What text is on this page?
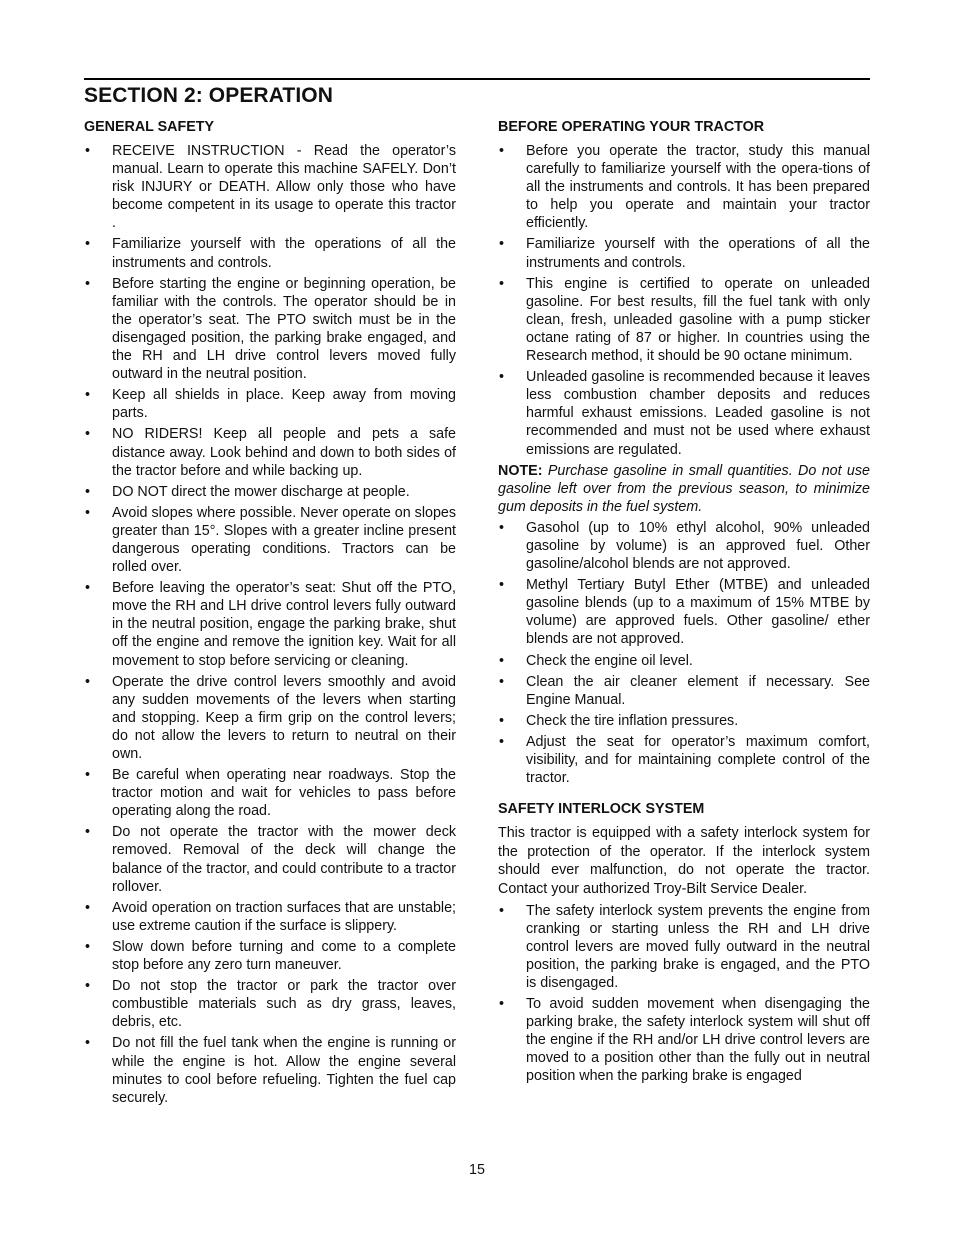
SECTION 2: OPERATION
GENERAL SAFETY
• RECEIVE INSTRUCTION - Read the operator’s manual. Learn to operate this machine SAFELY. Don’t risk INJURY or DEATH. Allow only those who have become competent in its usage to operate this tractor .
• Familiarize yourself with the operations of all the instruments and controls.
• Before starting the engine or beginning operation, be familiar with the controls. The operator should be in the operator’s seat. The PTO switch must be in the disengaged position, the parking brake engaged, and the RH and LH drive control levers moved fully outward in the neutral position.
• Keep all shields in place. Keep away from moving parts.
• NO RIDERS! Keep all people and pets a safe distance away. Look behind and down to both sides of the tractor before and while backing up.
• DO NOT direct the mower discharge at people.
• Avoid slopes where possible. Never operate on slopes greater than 15°. Slopes with a greater incline present dangerous operating conditions. Tractors can be rolled over.
• Before leaving the operator’s seat: Shut off the PTO, move the RH and LH drive control levers fully outward in the neutral position, engage the parking brake, shut off the engine and remove the ignition key. Wait for all movement to stop before servicing or cleaning.
• Operate the drive control levers smoothly and avoid any sudden movements of the levers when starting and stopping. Keep a firm grip on the control levers; do not allow the levers to return to neutral on their own.
• Be careful when operating near roadways. Stop the tractor motion and wait for vehicles to pass before operating along the road.
• Do not operate the tractor with the mower deck removed. Removal of the deck will change the balance of the tractor, and could contribute to a tractor rollover.
• Avoid operation on traction surfaces that are unstable; use extreme caution if the surface is slippery.
• Slow down before turning and come to a complete stop before any zero turn maneuver.
• Do not stop the tractor or park the tractor over combustible materials such as dry grass, leaves, debris, etc.
• Do not fill the fuel tank when the engine is running or while the engine is hot. Allow the engine several minutes to cool before refueling. Tighten the fuel cap securely.
BEFORE OPERATING YOUR TRACTOR
• Before you operate the tractor, study this manual carefully to familiarize yourself with the opera-tions of all the instruments and controls. It has been prepared to help you operate and maintain your tractor efficiently.
• Familiarize yourself with the operations of all the instruments and controls.
• This engine is certified to operate on unleaded gasoline. For best results, fill the fuel tank with only clean, fresh, unleaded gasoline with a pump sticker octane rating of 87 or higher. In countries using the Research method, it should be 90 octane minimum.
• Unleaded gasoline is recommended because it leaves less combustion chamber deposits and reduces harmful exhaust emissions. Leaded gasoline is not recommended and must not be used where exhaust emissions are regulated.

NOTE: Purchase gasoline in small quantities. Do not use gasoline left over from the previous season, to minimize gum deposits in the fuel system.

• Gasohol (up to 10% ethyl alcohol, 90% unleaded gasoline by volume) is an approved fuel. Other gasoline/alcohol blends are not approved.
• Methyl Tertiary Butyl Ether (MTBE) and unleaded gasoline blends (up to a maximum of 15% MTBE by volume) are approved fuels. Other gasoline/ ether blends are not approved.
• Check the engine oil level.
• Clean the air cleaner element if necessary. See Engine Manual.
• Check the tire inflation pressures.
• Adjust the seat for operator’s maximum comfort, visibility, and for maintaining complete control of the tractor.
SAFETY INTERLOCK SYSTEM

This tractor is equipped with a safety interlock system for the protection of the operator. If the interlock system should ever malfunction, do not operate the tractor. Contact your authorized Troy-Bilt Service Dealer.

• The safety interlock system prevents the engine from cranking or starting unless the RH and LH drive control levers are moved fully outward in the neutral position, the parking brake is engaged, and the PTO is disengaged.
• To avoid sudden movement when disengaging the parking brake, the safety interlock system will shut off the engine if the RH and/or LH drive control levers are moved to a position other than the fully out in neutral position when the parking brake is engaged
15
